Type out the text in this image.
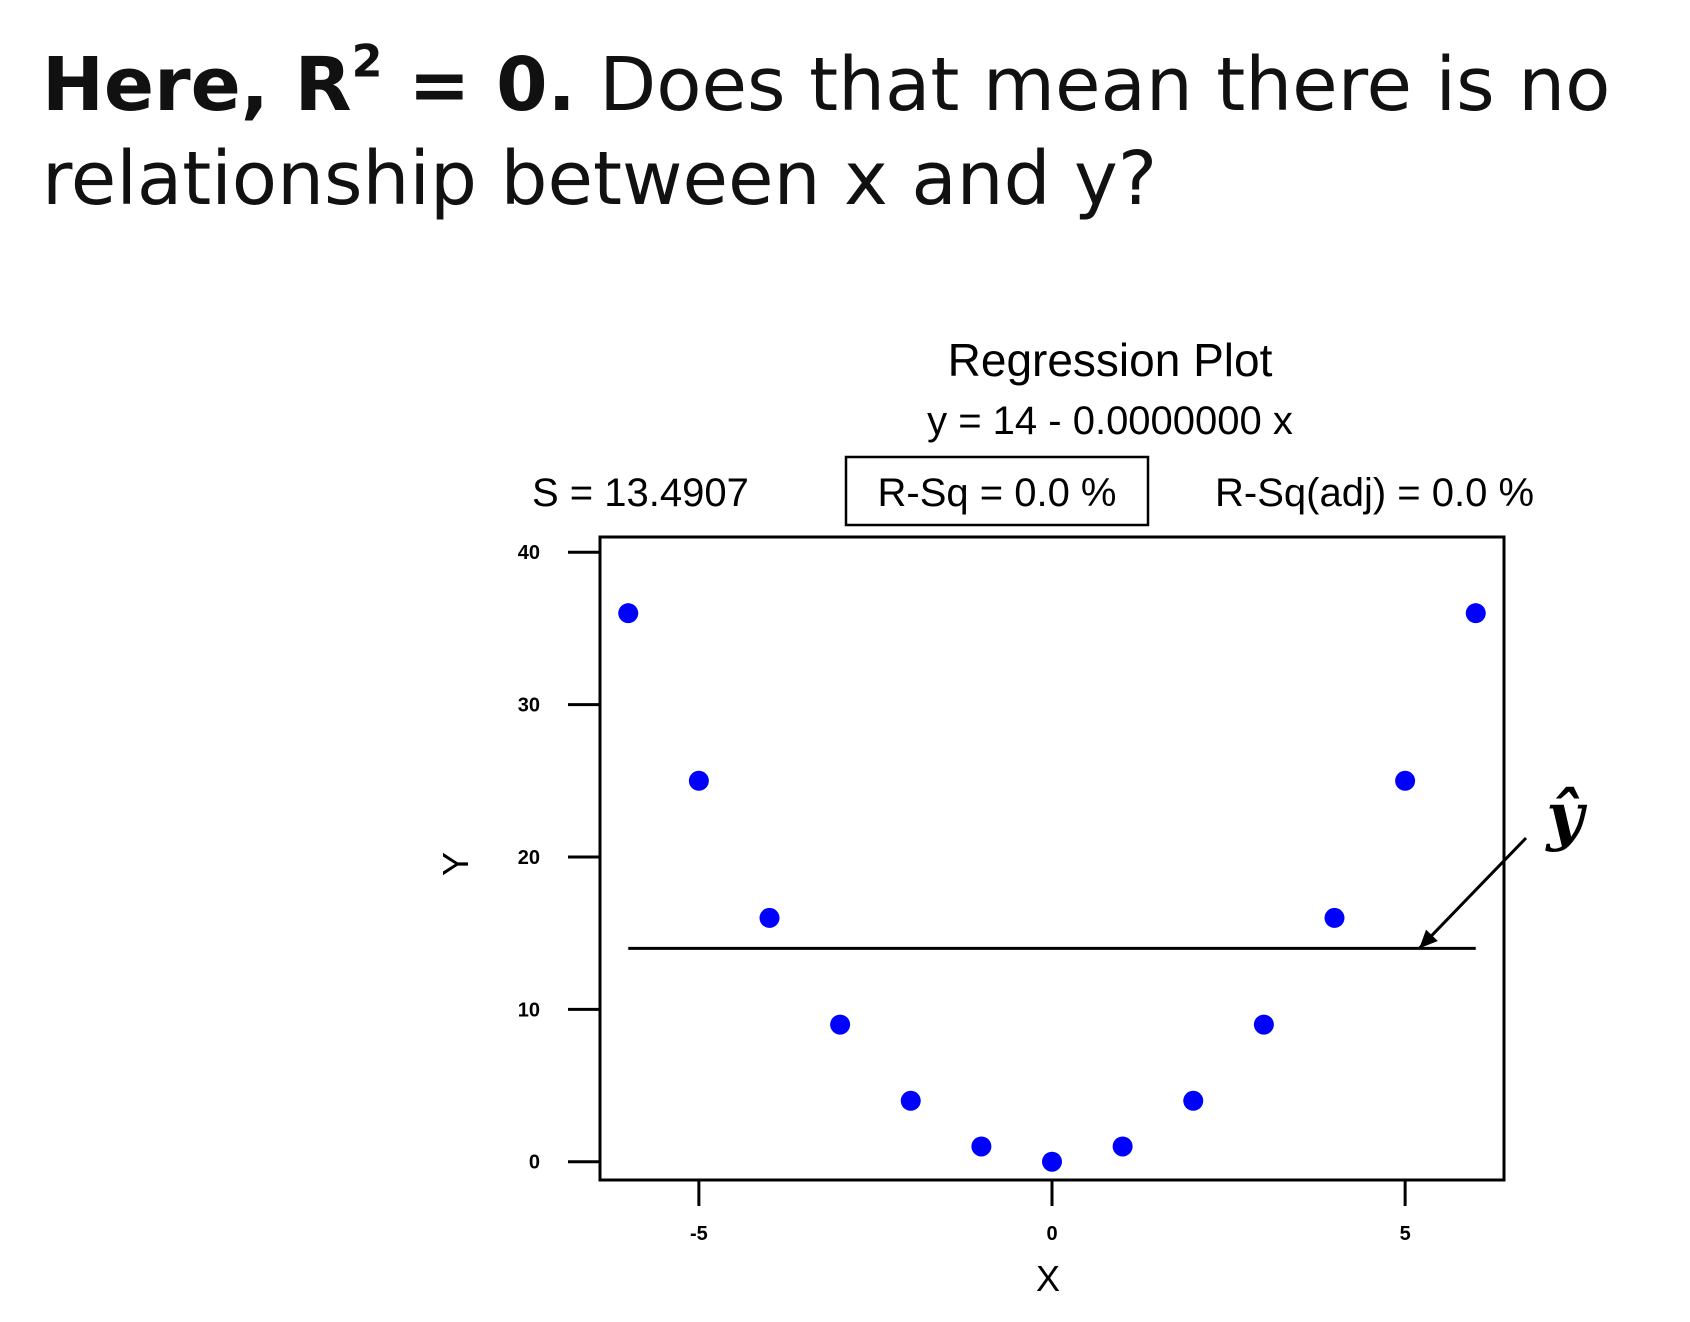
Here, $R^2 = 0$. Does that mean there is no relationship between x and y?
Regression Plot
y = 14 - 0.0000000 x
S = 13.4907	R-Sq = 0.0 % R-Sq(adj) = 0.0 %
0
10
20
30
40
-5	0	5
X
Y
ŷ
